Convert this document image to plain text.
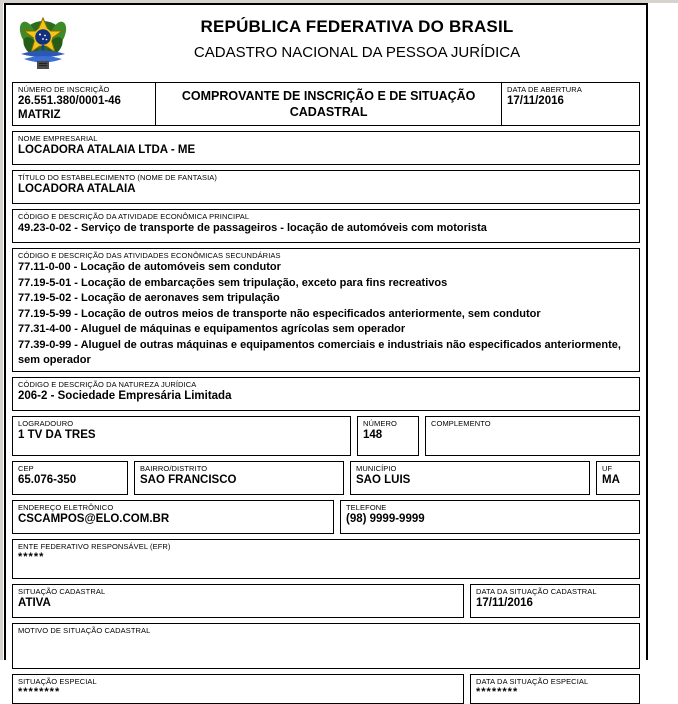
REPÚBLICA FEDERATIVA DO BRASIL
CADASTRO NACIONAL DA PESSOA JURÍDICA
NÚMERO DE INSCRIÇÃO
26.551.380/0001-46
MATRIZ
COMPROVANTE DE INSCRIÇÃO E DE SITUAÇÃO CADASTRAL
DATA DE ABERTURA
17/11/2016
NOME EMPRESARIAL
LOCADORA ATALAIA LTDA - ME
TÍTULO DO ESTABELECIMENTO (NOME DE FANTASIA)
LOCADORA ATALAIA
CÓDIGO E DESCRIÇÃO DA ATIVIDADE ECONÔMICA PRINCIPAL
49.23-0-02 - Serviço de transporte de passageiros - locação de automóveis com motorista
CÓDIGO E DESCRIÇÃO DAS ATIVIDADES ECONÔMICAS SECUNDÁRIAS
77.11-0-00 - Locação de automóveis sem condutor
77.19-5-01 - Locação de embarcações sem tripulação, exceto para fins recreativos
77.19-5-02 - Locação de aeronaves sem tripulação
77.19-5-99 - Locação de outros meios de transporte não especificados anteriormente, sem condutor
77.31-4-00 - Aluguel de máquinas e equipamentos agrícolas sem operador
77.39-0-99 - Aluguel de outras máquinas e equipamentos comerciais e industriais não especificados anteriormente, sem operador
CÓDIGO E DESCRIÇÃO DA NATUREZA JURÍDICA
206-2 - Sociedade Empresária Limitada
LOGRADOURO
1 TV DA TRES
NÚMERO
148
COMPLEMENTO
CEP
65.076-350
BAIRRO/DISTRITO
SAO FRANCISCO
MUNICÍPIO
SAO LUIS
UF
MA
ENDEREÇO ELETRÔNICO
CSCAMPOS@ELO.COM.BR
TELEFONE
(98) 9999-9999
ENTE FEDERATIVO RESPONSÁVEL (EFR)
*****
SITUAÇÃO CADASTRAL
ATIVA
DATA DA SITUAÇÃO CADASTRAL
17/11/2016
MOTIVO DE SITUAÇÃO CADASTRAL
SITUAÇÃO ESPECIAL
********
DATA DA SITUAÇÃO ESPECIAL
********
